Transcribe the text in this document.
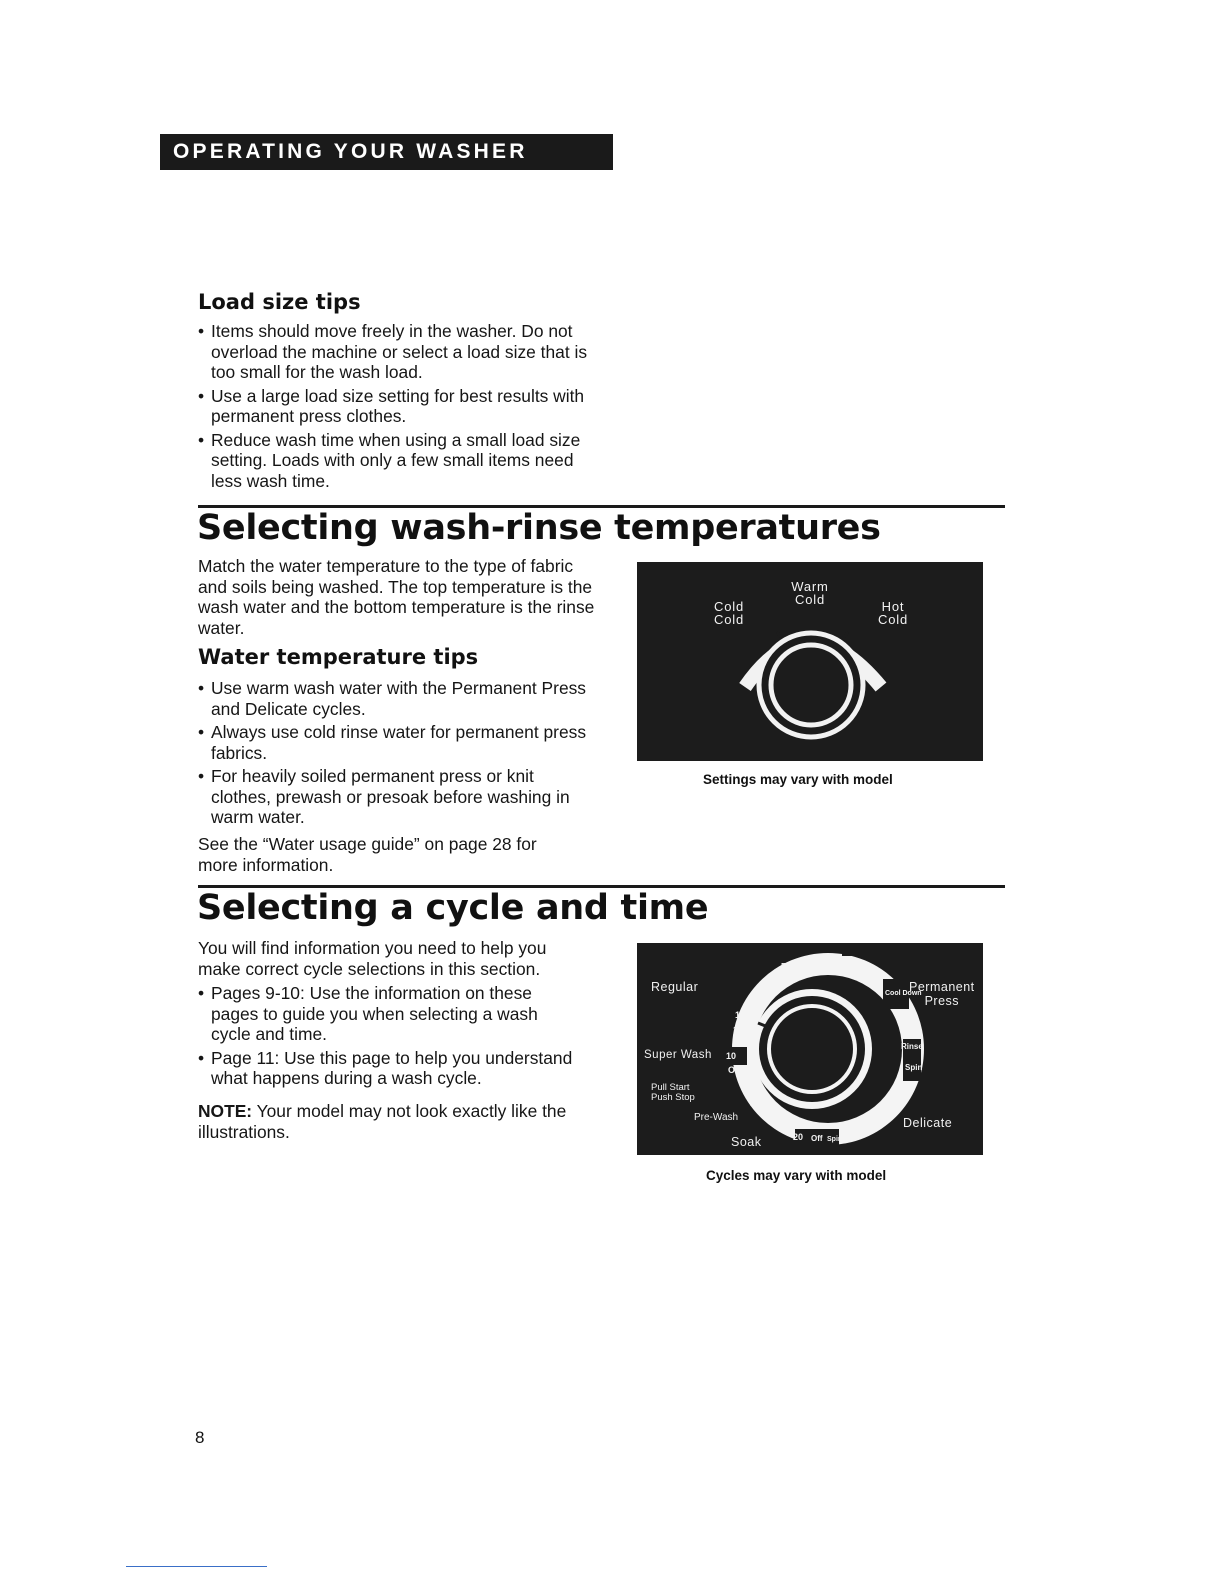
OPERATING YOUR WASHER
Load size tips
• Items should move freely in the washer. Do not overload the machine or select a load size that is too small for the wash load.
• Use a large load size setting for best results with permanent press clothes.
• Reduce wash time when using a small load size setting. Loads with only a few small items need less wash time.
Selecting wash-rinse temperatures
Match the water temperature to the type of fabric and soils being washed. The top temperature is the wash water and the bottom temperature is the rinse water.
Water temperature tips
• Use warm wash water with the Permanent Press and Delicate cycles.
• Always use cold rinse water for permanent press fabrics.
• For heavily soiled permanent press or knit clothes, prewash or presoak before washing in warm water.
See the “Water usage guide” on page 28 for more information.
Cold
Cold
Warm
Cold	Hot
Cold
Settings may vary with model
Selecting a cycle and time
You will find information you need to help you make correct cycle selections in this section.
• Pages 9-10: Use the information on these pages to guide you when selecting a wash cycle and time.
• Page 11: Use this page to help you understand what happens during a wash cycle.
NOTE: Your model may not look exactly like the illustrations.
Rinse Spin
Off
10
6
Cool Down
18
14
10
Off
Rinse
Spin
Off
6
4
20 Off Spin
Rinse
Regular	Permanent
Press
Super Wash
Pull Start
Push Stop
Pre-Wash
Soak
Delicate
Cycles may vary with model
8
